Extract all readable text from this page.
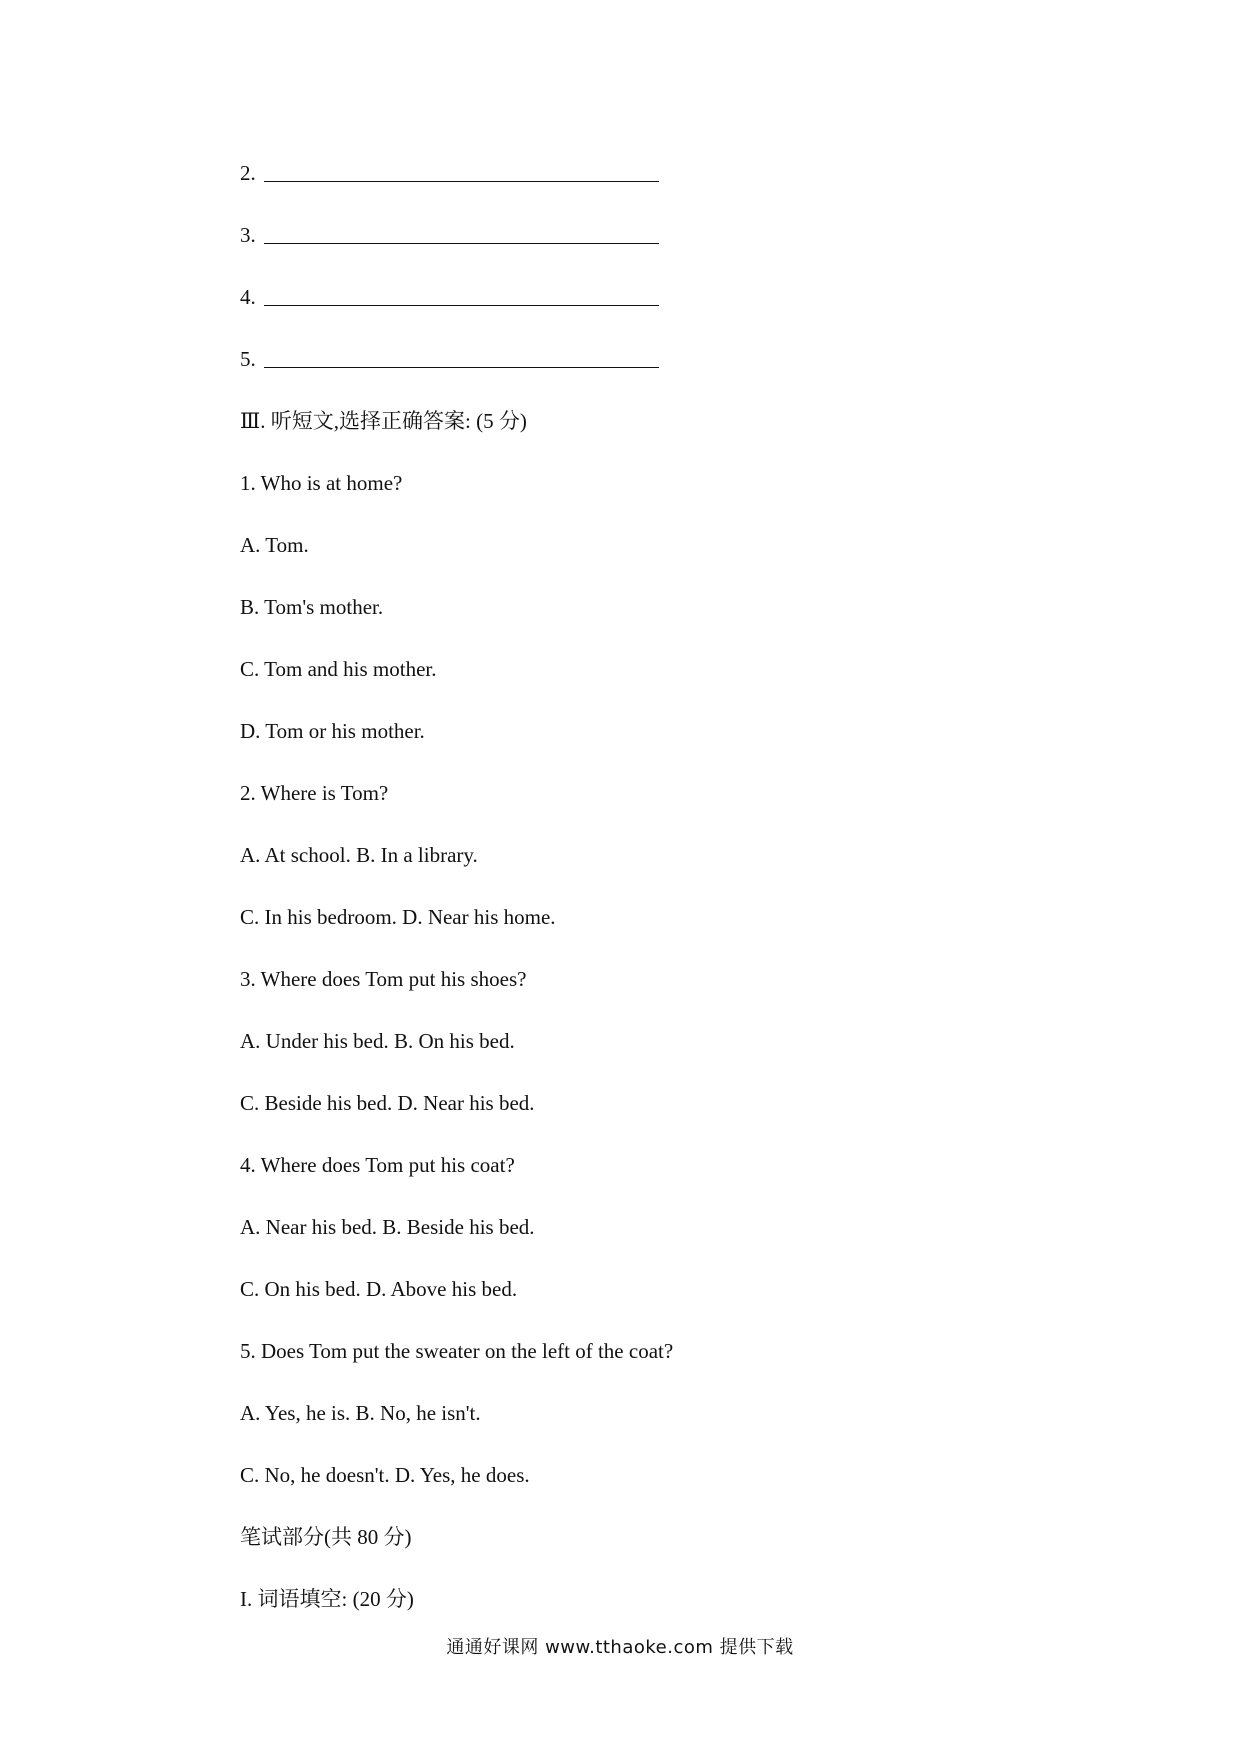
2.
3.
4.
5.
Ⅲ. 听短文,选择正确答案: (5 分)
1. Who is at home?
A. Tom.
B. Tom's mother.
C. Tom and his mother.
D. Tom or his mother.
2. Where is Tom?
A. At school. B. In a library.
C. In his bedroom. D. Near his home.
3. Where does Tom put his shoes?
A. Under his bed. B. On his bed.
C. Beside his bed. D. Near his bed.
4. Where does Tom put his coat?
A. Near his bed. B. Beside his bed.
C. On his bed. D. Above his bed.
5. Does Tom put the sweater on the left of the coat?
A. Yes, he is. B. No, he isn't.
C. No, he doesn't. D. Yes, he does.
笔试部分(共 80 分)
I. 词语填空: (20 分)
通通好课网 www.tthaoke.com 提供下载
